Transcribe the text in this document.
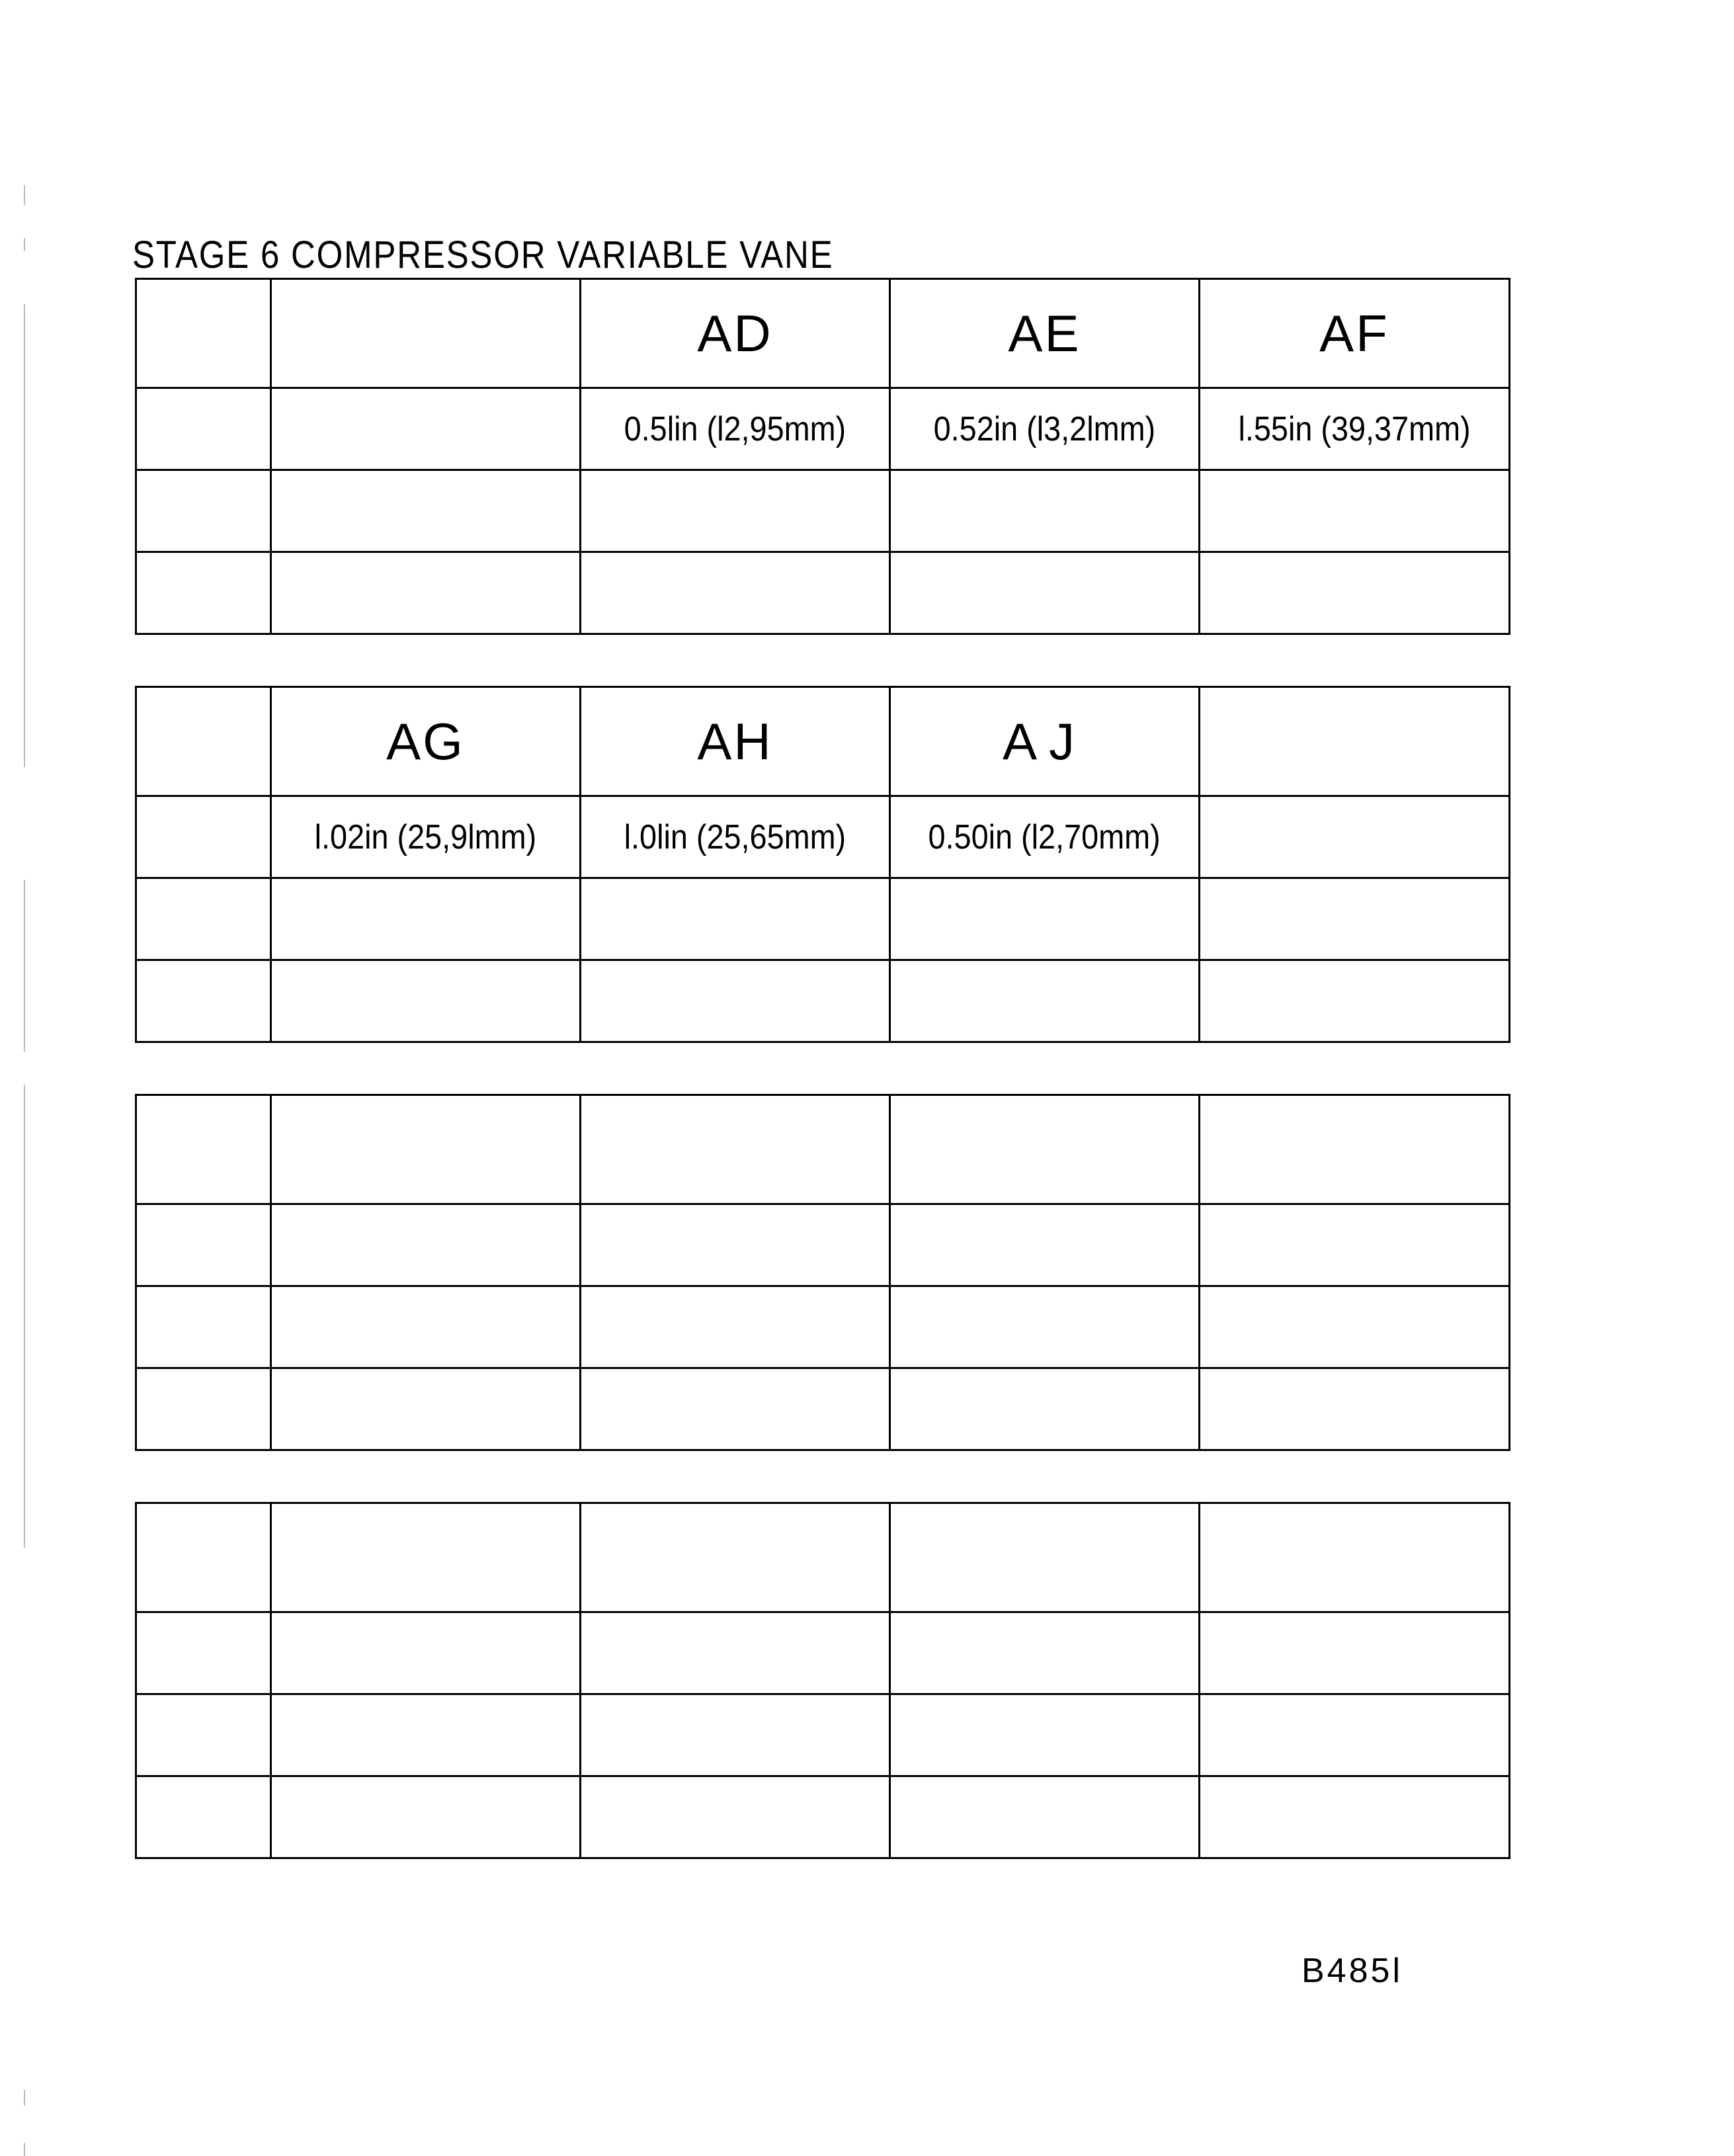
STAGE 6 COMPRESSOR VARIABLE VANE
		AD	AE	AF
		0.5lin (l2,95mm)	0.52in (l3,2lmm)	l.55in (39,37mm)

	AG	AH	AJ	
	l.02in (25,9lmm)	l.0lin (25,65mm)	0.50in (l2,70mm)	

B485l
